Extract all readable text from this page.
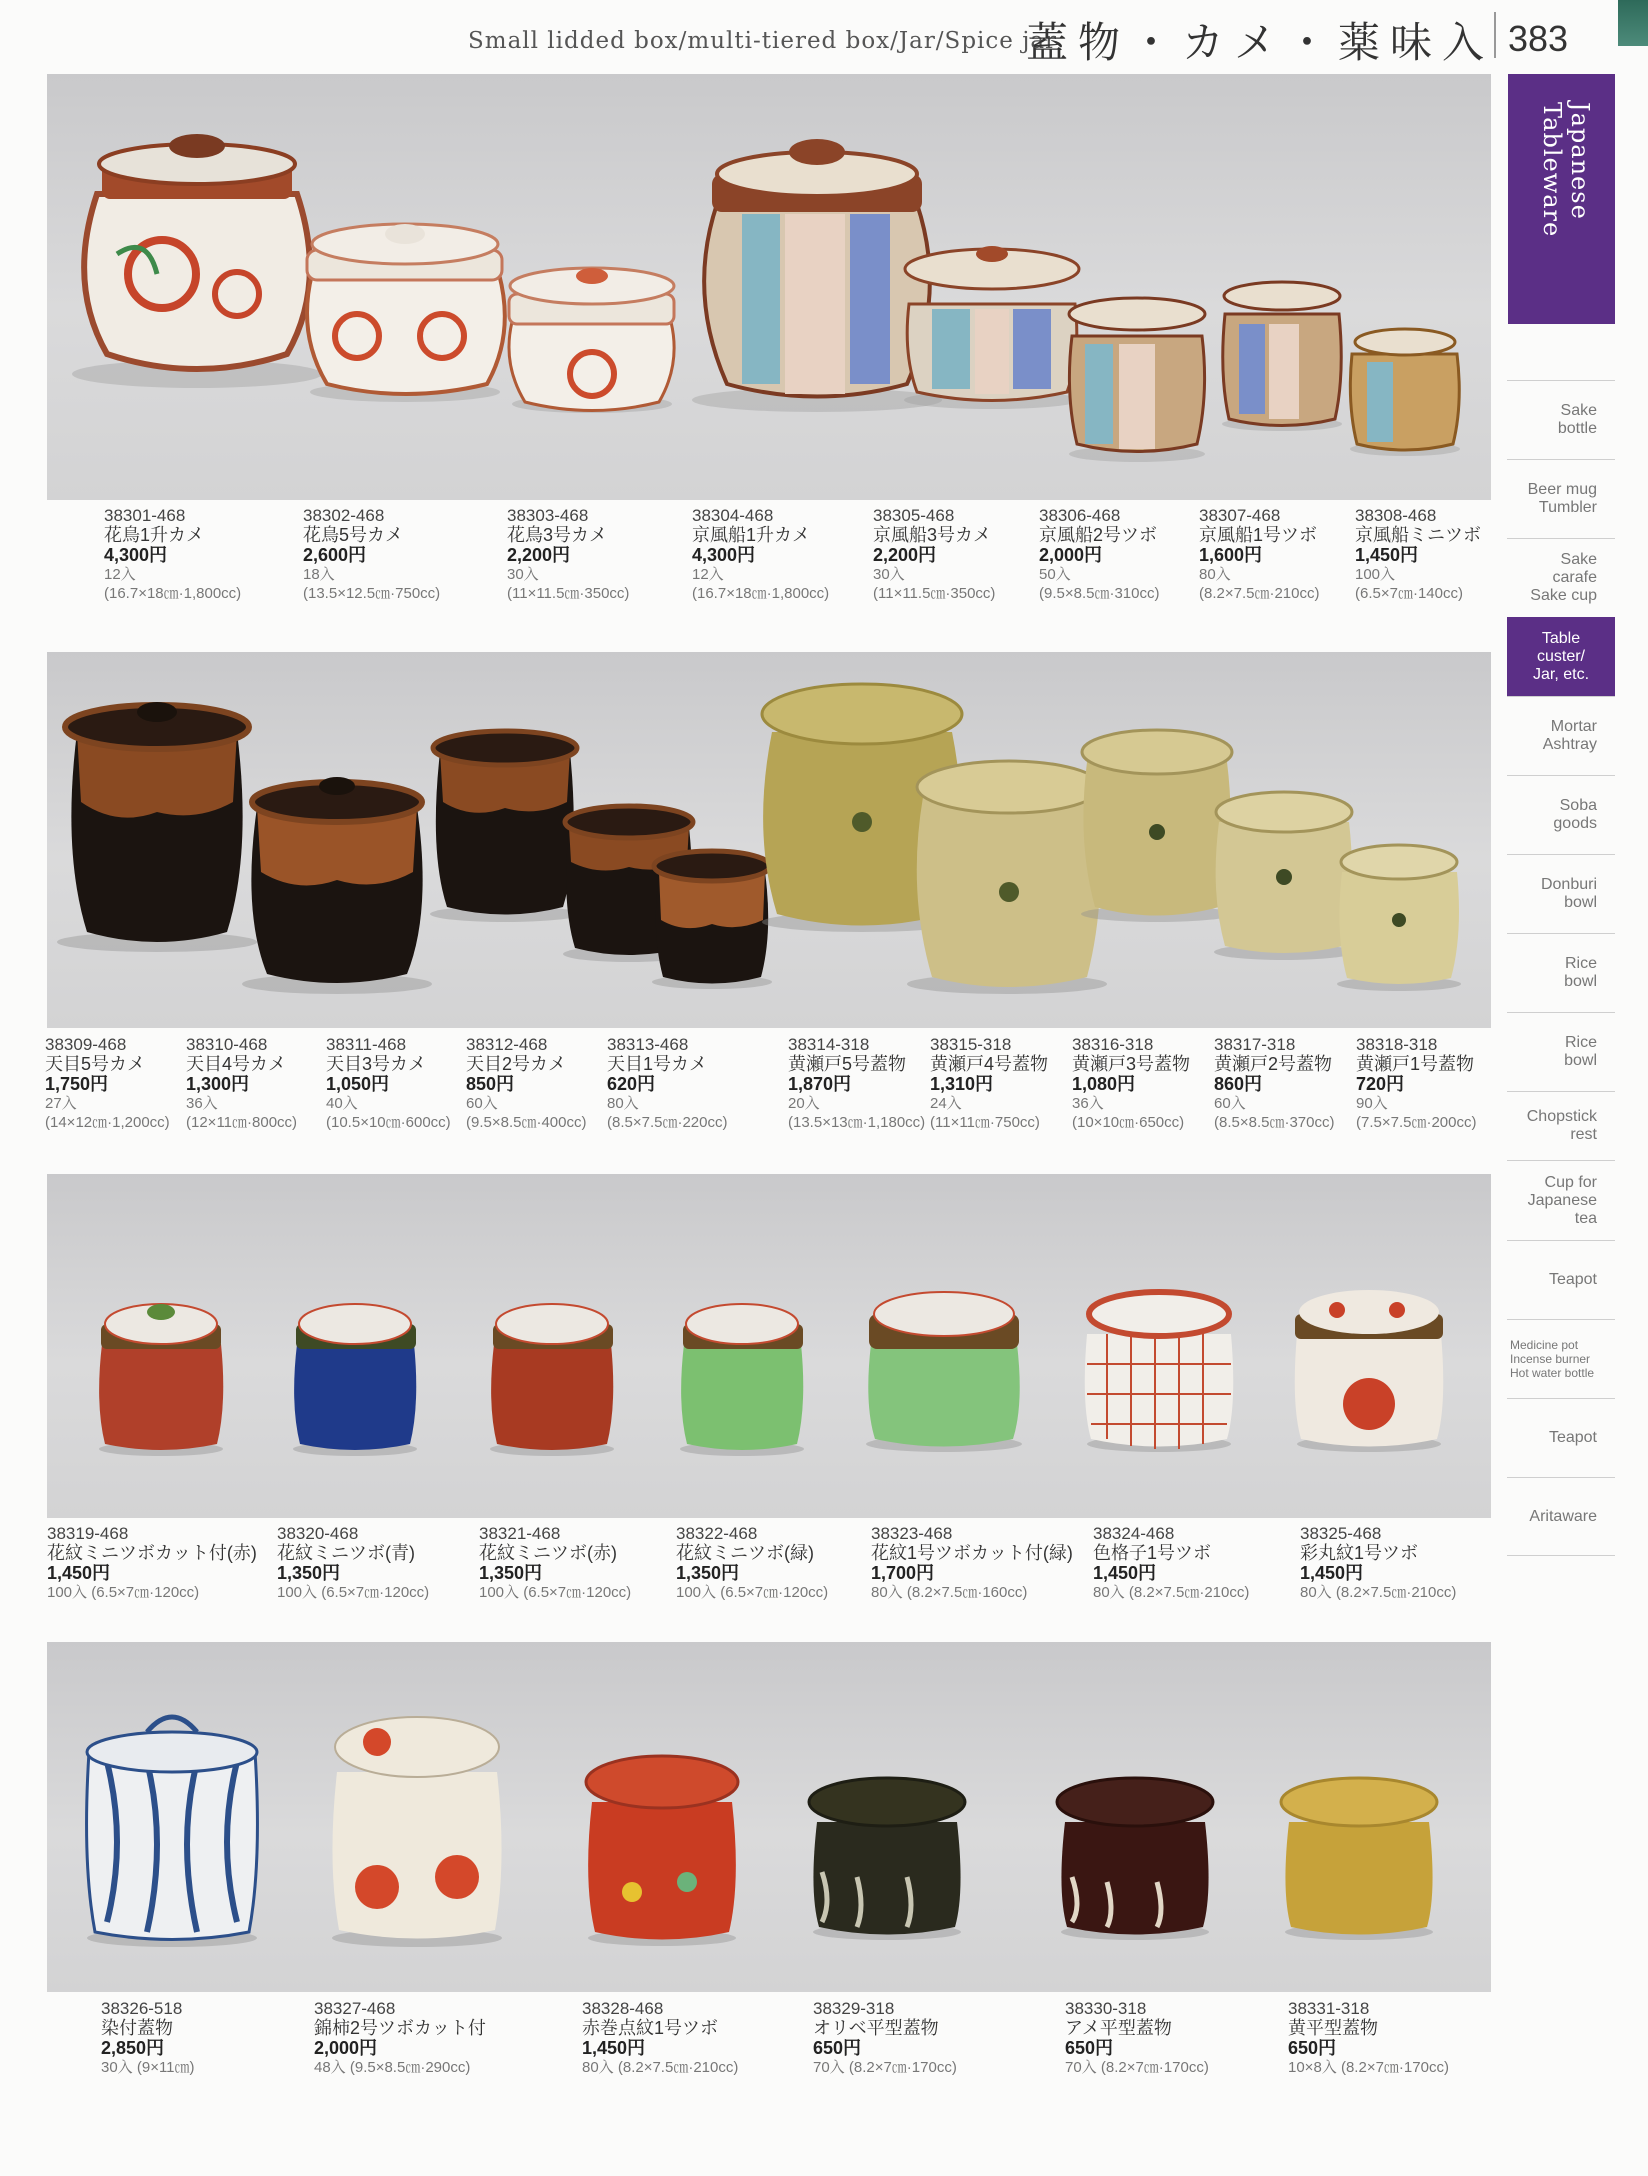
Small lidded box/multi-tiered box/Jar/Spice jar
蓋物・カメ・薬味入 383
Japanese Tableware
Sake
bottle
Beer mug
Tumbler
Sake
carafe
Sake cup
Table
custer/
Jar, etc.
Mortar
Ashtray
Soba
goods
Donburi
bowl
Rice
bowl
Rice
bowl
Chopstick
rest
Cup for
Japanese
tea
Teapot
Medicine pot
Incense burner
Hot water bottle
Teapot
Aritaware
38301-468
花鳥1升カメ
4,300円
12入
(16.7×18㎝·1,800cc)
38302-468
花鳥5号カメ
2,600円
18入
(13.5×12.5㎝·750cc)
38303-468
花鳥3号カメ
2,200円
30入
(11×11.5㎝·350cc)
38304-468
京風船1升カメ
4,300円
12入
(16.7×18㎝·1,800cc)
38305-468
京風船3号カメ
2,200円
30入
(11×11.5㎝·350cc)
38306-468
京風船2号ツボ
2,000円
50入
(9.5×8.5㎝·310cc)
38307-468
京風船1号ツボ
1,600円
80入
(8.2×7.5㎝·210cc)
38308-468
京風船ミニツボ
1,450円
100入
(6.5×7㎝·140cc)
38309-468
天目5号カメ
1,750円
27入
(14×12㎝·1,200cc)
38310-468
天目4号カメ
1,300円
36入
(12×11㎝·800cc)
38311-468
天目3号カメ
1,050円
40入
(10.5×10㎝·600cc)
38312-468
天目2号カメ
850円
60入
(9.5×8.5㎝·400cc)
38313-468
天目1号カメ
620円
80入
(8.5×7.5㎝·220cc)
38314-318
黄瀬戸5号蓋物
1,870円
20入
(13.5×13㎝·1,180cc)
38315-318
黄瀬戸4号蓋物
1,310円
24入
(11×11㎝·750cc)
38316-318
黄瀬戸3号蓋物
1,080円
36入
(10×10㎝·650cc)
38317-318
黄瀬戸2号蓋物
860円
60入
(8.5×8.5㎝·370cc)
38318-318
黄瀬戸1号蓋物
720円
90入
(7.5×7.5㎝·200cc)
38319-468
花紋ミニツボカット付(赤)
1,450円
100入 (6.5×7㎝·120cc)
38320-468
花紋ミニツボ(青)
1,350円
100入 (6.5×7㎝·120cc)
38321-468
花紋ミニツボ(赤)
1,350円
100入 (6.5×7㎝·120cc)
38322-468
花紋ミニツボ(緑)
1,350円
100入 (6.5×7㎝·120cc)
38323-468
花紋1号ツボカット付(緑)
1,700円
80入 (8.2×7.5㎝·160cc)
38324-468
色格子1号ツボ
1,450円
80入 (8.2×7.5㎝·210cc)
38325-468
彩丸紋1号ツボ
1,450円
80入 (8.2×7.5㎝·210cc)
38326-518
染付蓋物
2,850円
30入 (9×11㎝)
38327-468
錦柿2号ツボカット付
2,000円
48入 (9.5×8.5㎝·290cc)
38328-468
赤巻点紋1号ツボ
1,450円
80入 (8.2×7.5㎝·210cc)
38329-318
オリベ平型蓋物
650円
70入 (8.2×7㎝·170cc)
38330-318
アメ平型蓋物
650円
70入 (8.2×7㎝·170cc)
38331-318
黄平型蓋物
650円
10×8入 (8.2×7㎝·170cc)
